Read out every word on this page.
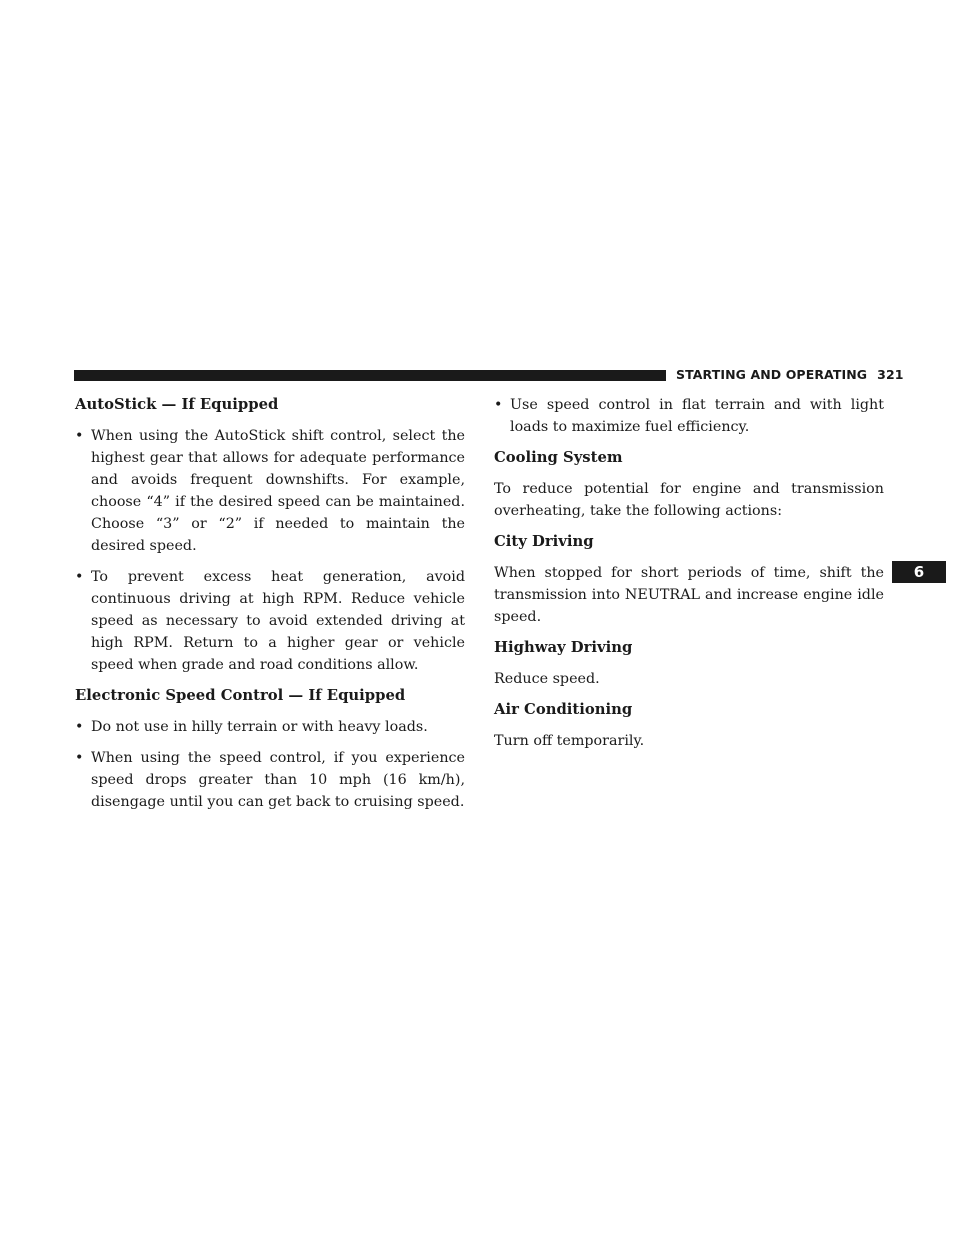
STARTING AND OPERATING 321
6
AutoStick — If Equipped
• When using the AutoStick shift control, select the highest gear that allows for adequate performance and avoids frequent downshifts. For example, choose “4” if the desired speed can be maintained. Choose “3” or “2” if needed to maintain the desired speed.
• To prevent excess heat generation, avoid continuous driving at high RPM. Reduce vehicle speed as necessary to avoid extended driving at high RPM. Return to a higher gear or vehicle speed when grade and road conditions allow.
Electronic Speed Control — If Equipped
• Do not use in hilly terrain or with heavy loads.
• When using the speed control, if you experience speed drops greater than 10 mph (16 km/h), disengage until you can get back to cruising speed.
• Use speed control in flat terrain and with light loads to maximize fuel efficiency.
Cooling System

To reduce potential for engine and transmission overheating, take the following actions:

City Driving

When stopped for short periods of time, shift the transmission into NEUTRAL and increase engine idle speed.

Highway Driving

Reduce speed.

Air Conditioning

Turn off temporarily.
